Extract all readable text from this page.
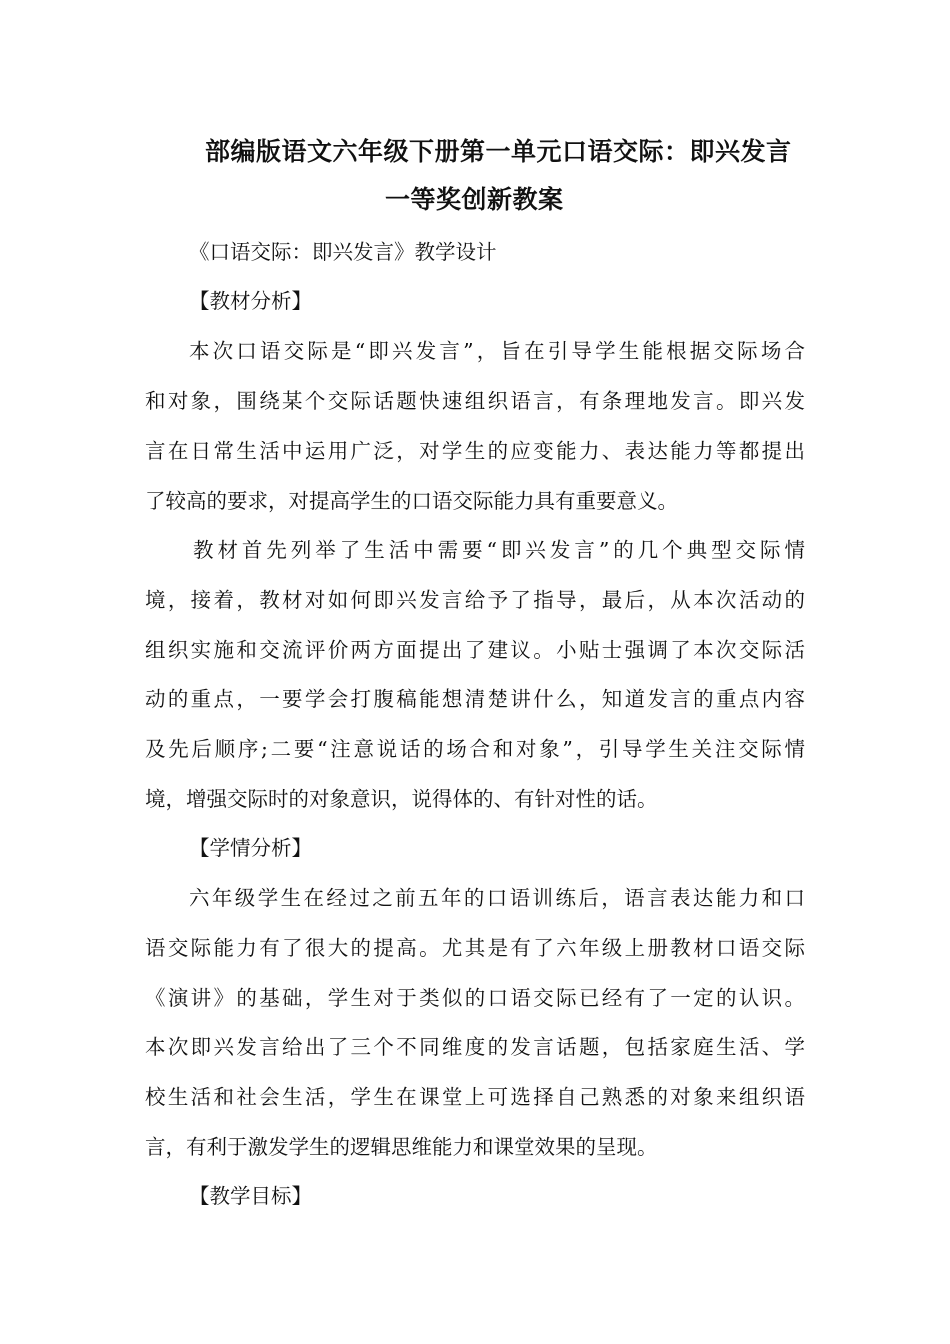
部编版语文六年级下册第一单元口语交际：即兴发言
一等奖创新教案
《口语交际：即兴发言》教学设计
【教材分析】
本次口语交际是“即兴发言”，旨在引导学生能根据交际场合
和对象，围绕某个交际话题快速组织语言，有条理地发言。即兴发
言在日常生活中运用广泛，对学生的应变能力、表达能力等都提出
了较高的要求，对提高学生的口语交际能力具有重要意义。
教材首先列举了生活中需要“即兴发言”的几个典型交际情
境，接着，教材对如何即兴发言给予了指导，最后，从本次活动的
组织实施和交流评价两方面提出了建议。小贴士强调了本次交际活
动的重点，一要学会打腹稿能想清楚讲什么，知道发言的重点内容
及先后顺序;二要“注意说话的场合和对象”，引导学生关注交际情
境，增强交际时的对象意识，说得体的、有针对性的话。
【学情分析】
六年级学生在经过之前五年的口语训练后，语言表达能力和口
语交际能力有了很大的提高。尤其是有了六年级上册教材口语交际
《演讲》的基础，学生对于类似的口语交际已经有了一定的认识。
本次即兴发言给出了三个不同维度的发言话题，包括家庭生活、学
校生活和社会生活，学生在课堂上可选择自己熟悉的对象来组织语
言，有利于激发学生的逻辑思维能力和课堂效果的呈现。
【教学目标】
